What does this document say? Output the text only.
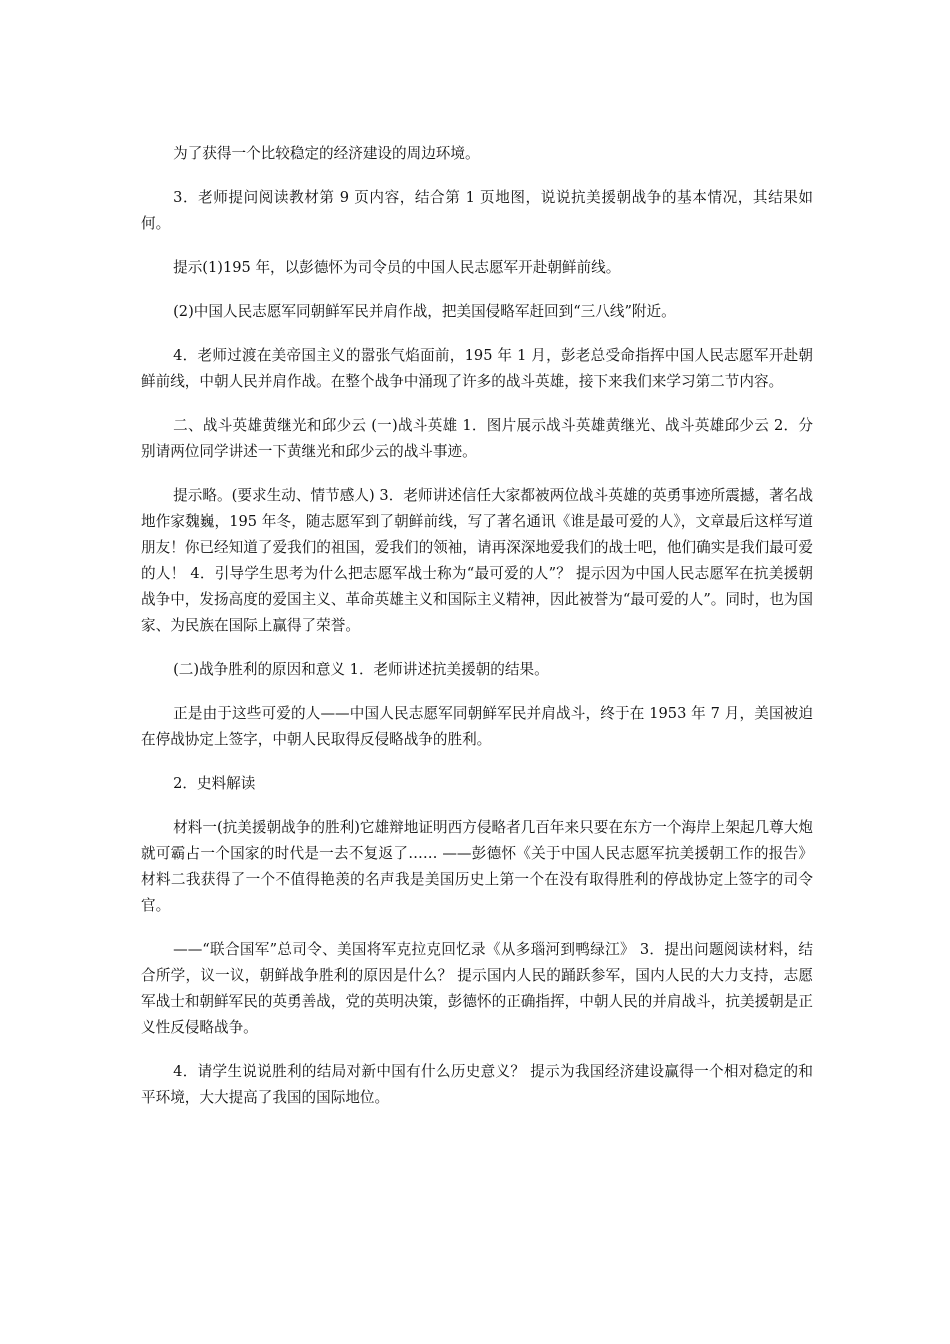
为了获得一个比较稳定的经济建设的周边环境。

3．老师提问阅读教材第 9 页内容，结合第 1 页地图，说说抗美援朝战争的基本情况，其结果如何。

提示(1)195 年，以彭德怀为司令员的中国人民志愿军开赴朝鲜前线。

(2)中国人民志愿军同朝鲜军民并肩作战，把美国侵略军赶回到“三八线”附近。

4．老师过渡在美帝国主义的嚣张气焰面前，195 年 1 月，彭老总受命指挥中国人民志愿军开赴朝鲜前线，中朝人民并肩作战。在整个战争中涌现了许多的战斗英雄，接下来我们来学习第二节内容。

二、战斗英雄黄继光和邱少云 (一)战斗英雄 1．图片展示战斗英雄黄继光、战斗英雄邱少云 2．分别请两位同学讲述一下黄继光和邱少云的战斗事迹。

提示略。(要求生动、情节感人) 3．老师讲述信任大家都被两位战斗英雄的英勇事迹所震撼，著名战地作家魏巍，195 年冬，随志愿军到了朝鲜前线，写了著名通讯《谁是最可爱的人》，文章最后这样写道朋友！你已经知道了爱我们的祖国，爱我们的领袖，请再深深地爱我们的战士吧，他们确实是我们最可爱的人！ 4．引导学生思考为什么把志愿军战士称为“最可爱的人”？ 提示因为中国人民志愿军在抗美援朝战争中，发扬高度的爱国主义、革命英雄主义和国际主义精神，因此被誉为“最可爱的人”。同时，也为国家、为民族在国际上赢得了荣誉。

(二)战争胜利的原因和意义 1．老师讲述抗美援朝的结果。

正是由于这些可爱的人——中国人民志愿军同朝鲜军民并肩战斗，终于在 1953 年 7 月，美国被迫在停战协定上签字，中朝人民取得反侵略战争的胜利。

2．史料解读

材料一(抗美援朝战争的胜利)它雄辩地证明西方侵略者几百年来只要在东方一个海岸上架起几尊大炮就可霸占一个国家的时代是一去不复返了…… ——彭德怀《关于中国人民志愿军抗美援朝工作的报告》 材料二我获得了一个不值得艳羡的名声我是美国历史上第一个在没有取得胜利的停战协定上签字的司令官。

——“联合国军”总司令、美国将军克拉克回忆录《从多瑙河到鸭绿江》 3．提出问题阅读材料，结合所学，议一议，朝鲜战争胜利的原因是什么？ 提示国内人民的踊跃参军，国内人民的大力支持，志愿军战士和朝鲜军民的英勇善战，党的英明决策，彭德怀的正确指挥，中朝人民的并肩战斗，抗美援朝是正义性反侵略战争。

4．请学生说说胜利的结局对新中国有什么历史意义？ 提示为我国经济建设赢得一个相对稳定的和平环境，大大提高了我国的国际地位。
